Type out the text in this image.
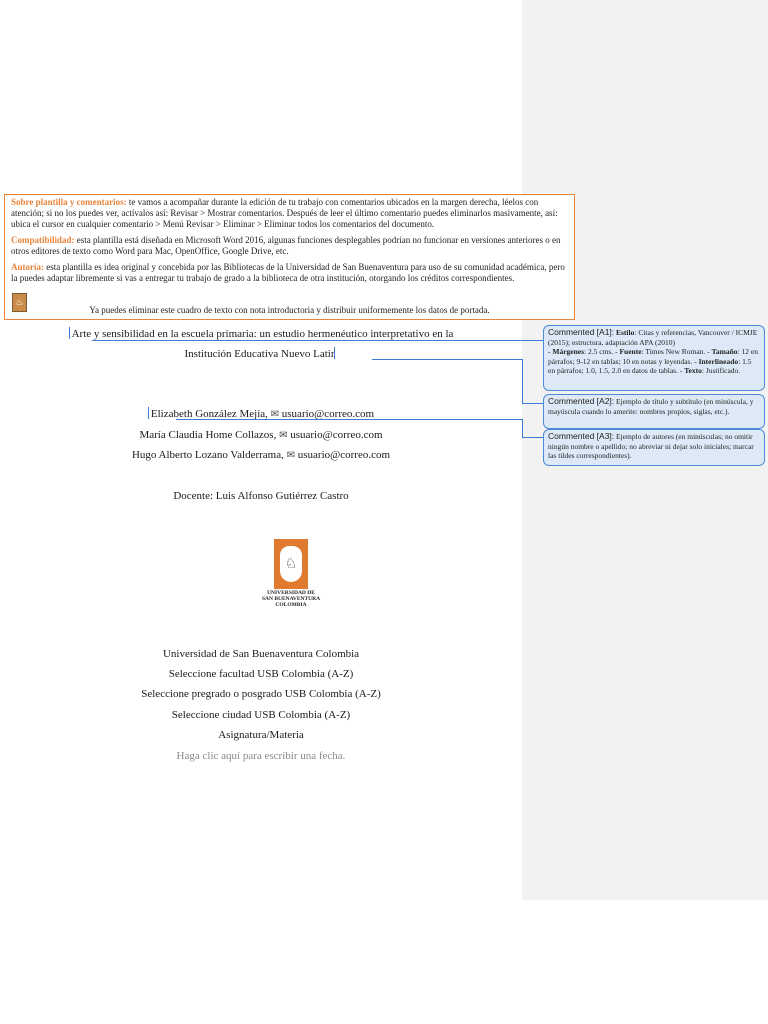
Sobre plantilla y comentarios: te vamos a acompañar durante la edición de tu trabajo con comentarios ubicados en la margen derecha, léelos con atención; si no los puedes ver, actívalos así: Revisar > Mostrar comentarios. Después de leer el último comentario puedes eliminarlos masivamente, así: ubica el cursor en cualquier comentario > Menú Revisar > Eliminar > Eliminar todos los comentarios del documento.

Compatibilidad: esta plantilla está diseñada en Microsoft Word 2016, algunas funciones desplegables podrían no funcionar en versiones anteriores o en otros editores de texto como Word para Mac, OpenOffice, Google Drive, etc.

Autoría: esta plantilla es idea original y concebida por las Bibliotecas de la Universidad de San Buenaventura para uso de su comunidad académica, pero la puedes adaptar libremente si vas a entregar tu trabajo de grado a la biblioteca de otra institución, otorgando los créditos correspondientes.

♨
Ya puedes eliminar este cuadro de texto con nota introductoria y distribuir uniformemente los datos de portada.
Arte y sensibilidad en la escuela primaria: un estudio hermenéutico interpretativo en la
Institución Educativa Nuevo Latir
Elizabeth González Mejía, ✉ usuario@correo.com
María Claudia Home Collazos, ✉ usuario@correo.com
Hugo Alberto Lozano Valderrama, ✉ usuario@correo.com
Docente: Luis Alfonso Gutiérrez Castro
♘
UNIVERSIDAD DE
SAN BUENAVENTURA
COLOMBIA
Universidad de San Buenaventura Colombia
Seleccione facultad USB Colombia (A-Z)
Seleccione pregrado o posgrado USB Colombia (A-Z)
Seleccione ciudad USB Colombia (A-Z)
Asignatura/Materia
Haga clic aquí para escribir una fecha.
Commented [A1]: Estilo: Citas y referencias, Vancouver / ICMJE (2015); estructura, adaptación APA (2010)
- Márgenes: 2.5 cms. - Fuente: Times New Roman. - Tamaño: 12 en párrafos; 9-12 en tablas; 10 en notas y leyendas. - Interlineado: 1.5 en párrafos; 1.0, 1.5, 2.0 en datos de tablas. - Texto: Justificado.
Commented [A2]: Ejemplo de título y subtítulo (en minúscula, y mayúscula cuando lo amerite: nombres propios, siglas, etc.).
Commented [A3]: Ejemplo de autores (en minúsculas; no omitir ningún nombre o apellido; no abreviar ni dejar solo iniciales; marcar las tildes correspondientes).
